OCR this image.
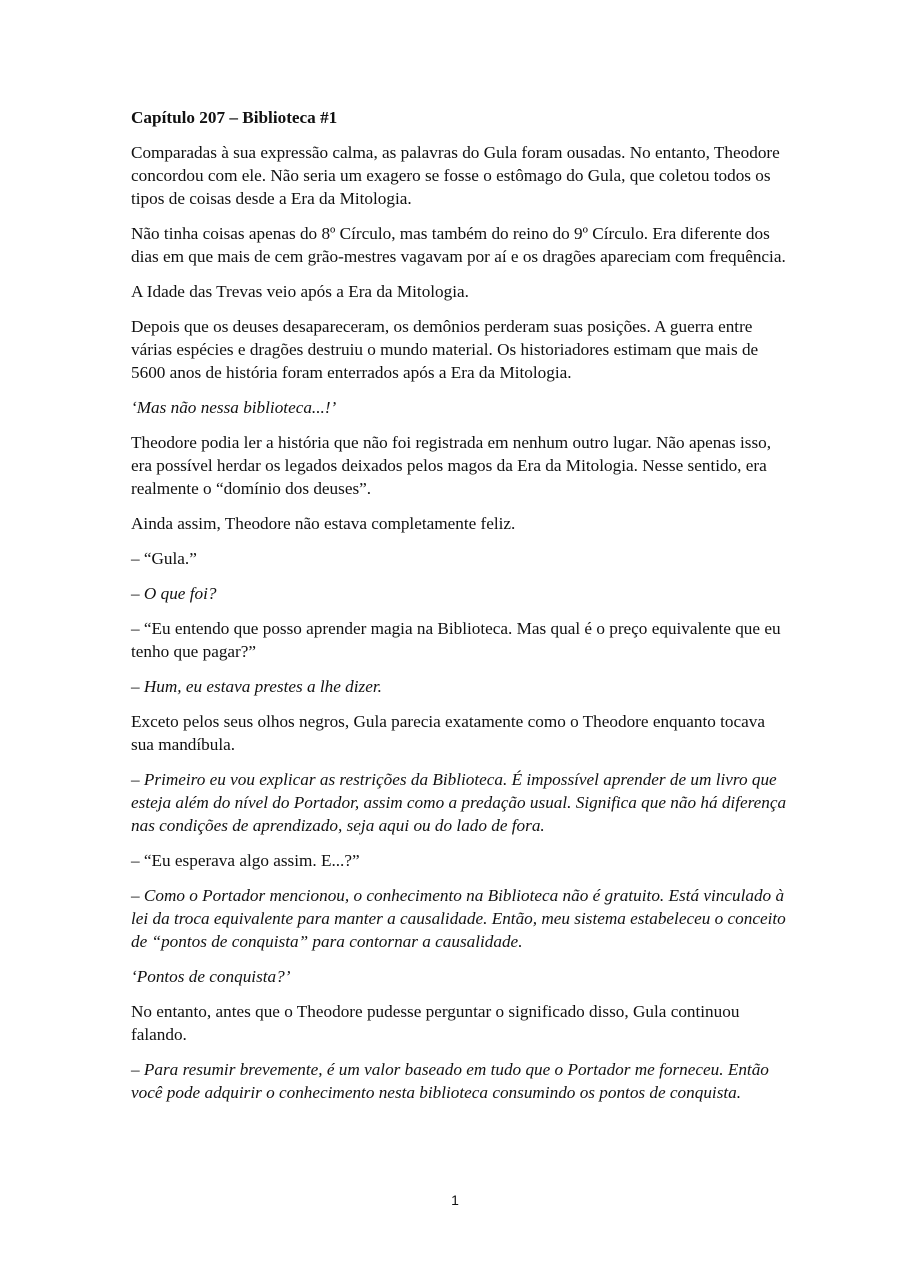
Capítulo 207 – Biblioteca #1

Comparadas à sua expressão calma, as palavras do Gula foram ousadas. No entanto, Theodore concordou com ele. Não seria um exagero se fosse o estômago do Gula, que coletou todos os tipos de coisas desde a Era da Mitologia.

Não tinha coisas apenas do 8º Círculo, mas também do reino do 9º Círculo. Era diferente dos dias em que mais de cem grão-mestres vagavam por aí e os dragões apareciam com frequência.

A Idade das Trevas veio após a Era da Mitologia.

Depois que os deuses desapareceram, os demônios perderam suas posições. A guerra entre várias espécies e dragões destruiu o mundo material. Os historiadores estimam que mais de 5600 anos de história foram enterrados após a Era da Mitologia.

‘Mas não nessa biblioteca...!’

Theodore podia ler a história que não foi registrada em nenhum outro lugar. Não apenas isso, era possível herdar os legados deixados pelos magos da Era da Mitologia. Nesse sentido, era realmente o “domínio dos deuses”.

Ainda assim, Theodore não estava completamente feliz.

– “Gula.”

– O que foi?

– “Eu entendo que posso aprender magia na Biblioteca. Mas qual é o preço equivalente que eu tenho que pagar?”

– Hum, eu estava prestes a lhe dizer.

Exceto pelos seus olhos negros, Gula parecia exatamente como o Theodore enquanto tocava sua mandíbula.

– Primeiro eu vou explicar as restrições da Biblioteca. É impossível aprender de um livro que esteja além do nível do Portador, assim como a predação usual. Significa que não há diferença nas condições de aprendizado, seja aqui ou do lado de fora.

– “Eu esperava algo assim. E...?”

– Como o Portador mencionou, o conhecimento na Biblioteca não é gratuito. Está vinculado à lei da troca equivalente para manter a causalidade. Então, meu sistema estabeleceu o conceito de “pontos de conquista” para contornar a causalidade.

‘Pontos de conquista?’

No entanto, antes que o Theodore pudesse perguntar o significado disso, Gula continuou falando.

– Para resumir brevemente, é um valor baseado em tudo que o Portador me forneceu. Então você pode adquirir o conhecimento nesta biblioteca consumindo os pontos de conquista.

1
